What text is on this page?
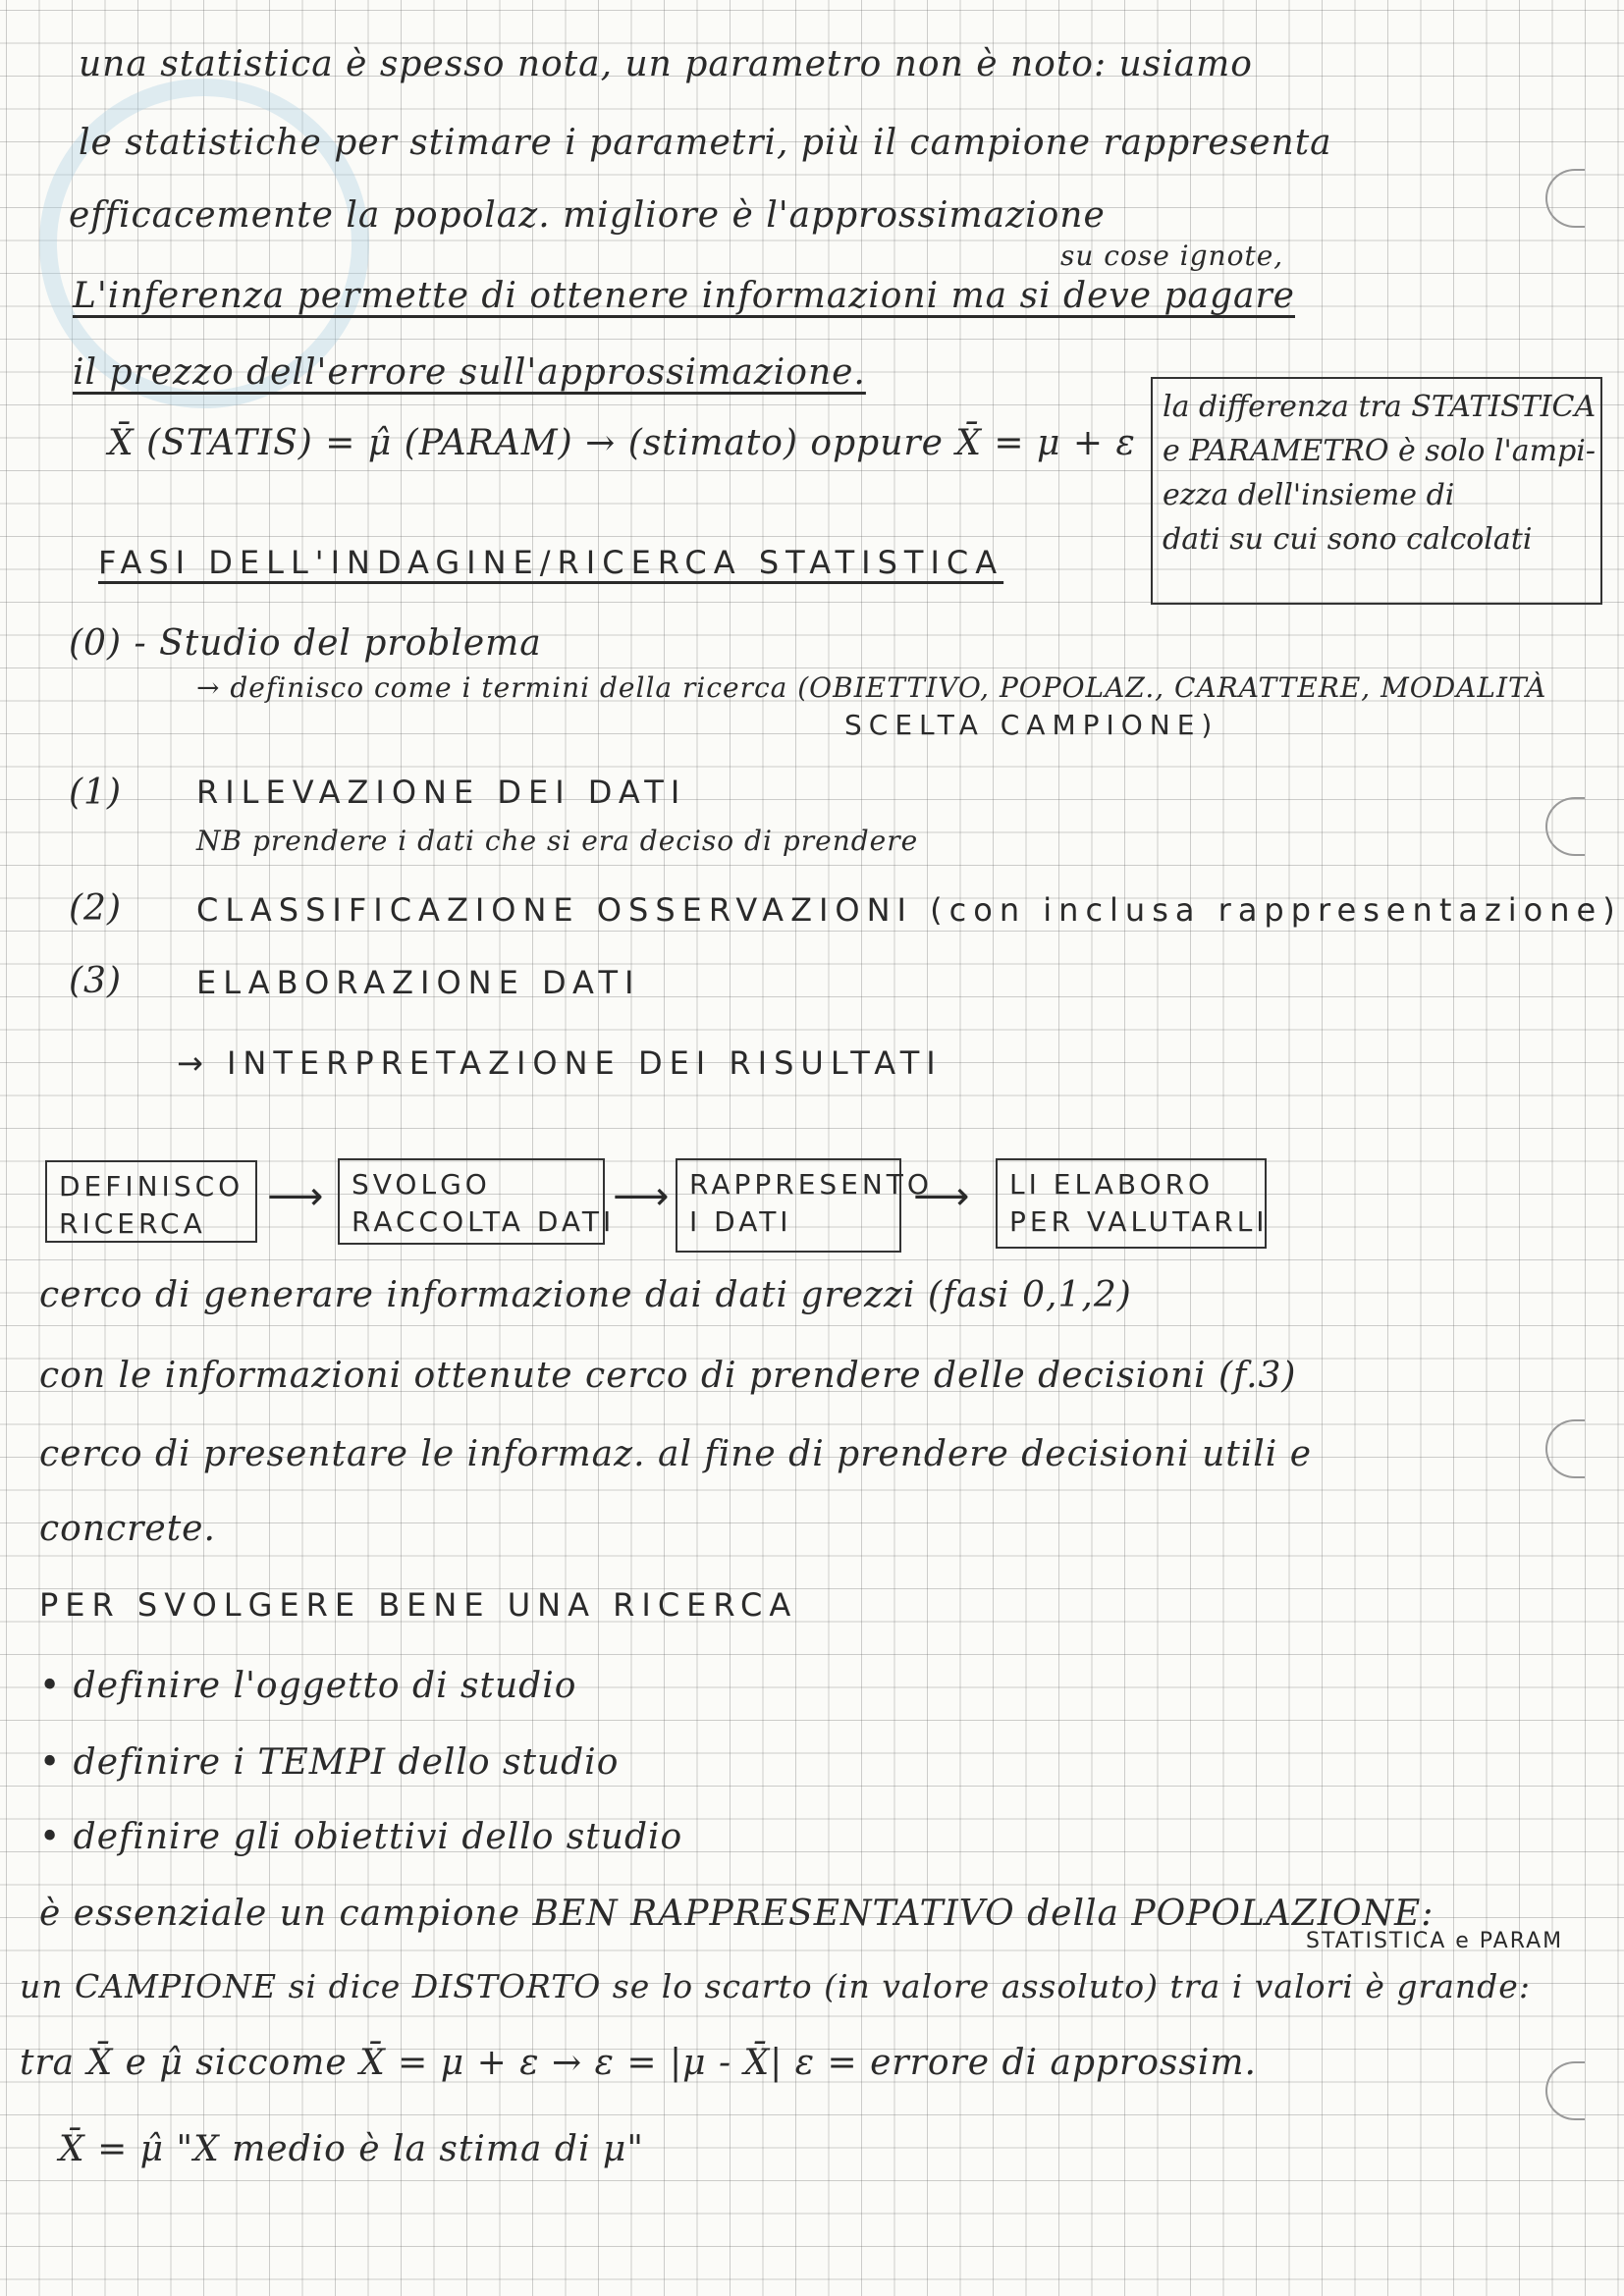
una statistica è spesso nota, un parametro non è noto: usiamo
le statistiche per stimare i parametri, più il campione rappresenta
efficacemente la popolaz. migliore è l'approssimazione
su cose ignote,
L'inferenza permette di ottenere informazioni ma si deve pagare
il prezzo dell'errore sull'approssimazione.
X̄ (STATIS) = μ̂ (PARAM) → (stimato) oppure X̄ = μ + ε
la differenza tra STATISTICA
e PARAMETRO è solo l'ampi-
ezza dell'insieme di
dati su cui sono calcolati
FASI DELL'INDAGINE/RICERCA STATISTICA
(0) - Studio del problema
→ definisco come i termini della ricerca (OBIETTIVO, POPOLAZ., CARATTERE, MODALITÀ
SCELTA CAMPIONE)
(1) RILEVAZIONE DEI DATI
NB prendere i dati che si era deciso di prendere
(2) CLASSIFICAZIONE OSSERVAZIONI (con inclusa rappresentazione)
(3) ELABORAZIONE DATI
→ INTERPRETAZIONE DEI RISULTATI
DEFINISCO
RICERCA
⟶ SVOLGO
RACCOLTA DATI
⟶ RAPPRESENTO
I DATI
⟶ LI ELABORO
PER VALUTARLI
cerco di generare informazione dai dati grezzi (fasi 0,1,2)
con le informazioni ottenute cerco di prendere delle decisioni (f.3)
cerco di presentare le informaz. al fine di prendere decisioni utili e
concrete.
PER SVOLGERE BENE UNA RICERCA
• definire l'oggetto di studio
• definire i TEMPI dello studio
• definire gli obiettivi dello studio
è essenziale un campione BEN RAPPRESENTATIVO della POPOLAZIONE:
STATISTICA e PARAM
un CAMPIONE si dice DISTORTO se lo scarto (in valore assoluto) tra i valori è grande:
tra X̄ e μ̂ siccome X̄ = μ + ε → ε = |μ - X̄| ε = errore di approssim.
X̄ = μ̂ "X medio è la stima di μ"
